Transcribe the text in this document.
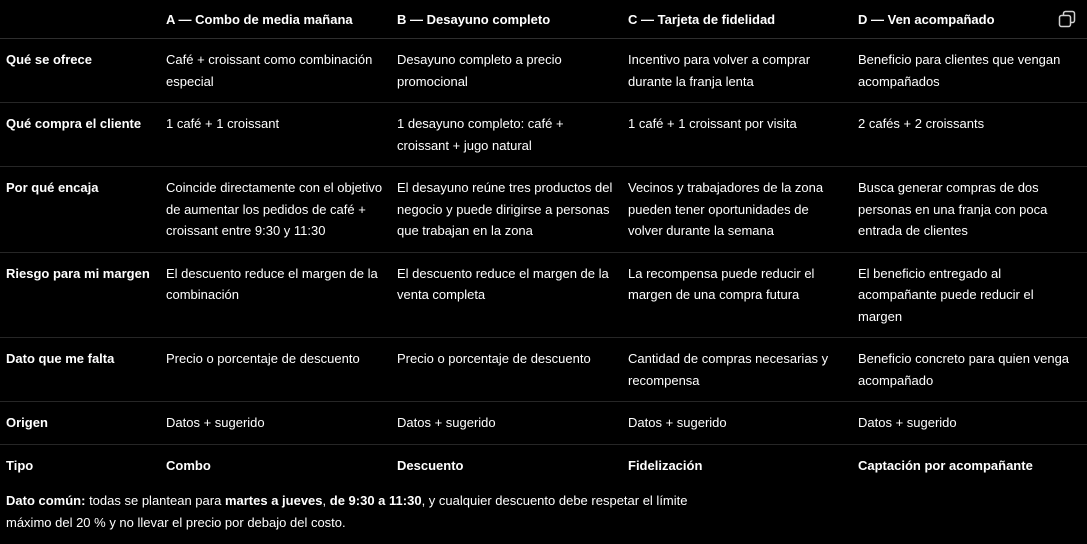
	A — Combo de media mañana	B — Desayuno completo	C — Tarjeta de fidelidad	D — Ven acompañado
Qué se ofrece	Café + croissant como combinación especial	Desayuno completo a precio promocional	Incentivo para volver a comprar durante la franja lenta	Beneficio para clientes que vengan acompañados
Qué compra el cliente	1 café + 1 croissant	1 desayuno completo: café + croissant + jugo natural	1 café + 1 croissant por visita	2 cafés + 2 croissants
Por qué encaja	Coincide directamente con el objetivo de aumentar los pedidos de café + croissant entre 9:30 y 11:30	El desayuno reúne tres productos del negocio y puede dirigirse a personas que trabajan en la zona	Vecinos y trabajadores de la zona pueden tener oportunidades de volver durante la semana	Busca generar compras de dos personas en una franja con poca entrada de clientes
Riesgo para mi margen	El descuento reduce el margen de la combinación	El descuento reduce el margen de la venta completa	La recompensa puede reducir el margen de una compra futura	El beneficio entregado al acompañante puede reducir el margen
Dato que me falta	Precio o porcentaje de descuento	Precio o porcentaje de descuento	Cantidad de compras necesarias y recompensa	Beneficio concreto para quien venga acompañado
Origen	Datos + sugerido	Datos + sugerido	Datos + sugerido	Datos + sugerido
Tipo	Combo	Descuento	Fidelización	Captación por acompañante
Dato común: todas se plantean para martes a jueves, de 9:30 a 11:30, y cualquier descuento debe respetar el límite máximo del 20 % y no llevar el precio por debajo del costo.
